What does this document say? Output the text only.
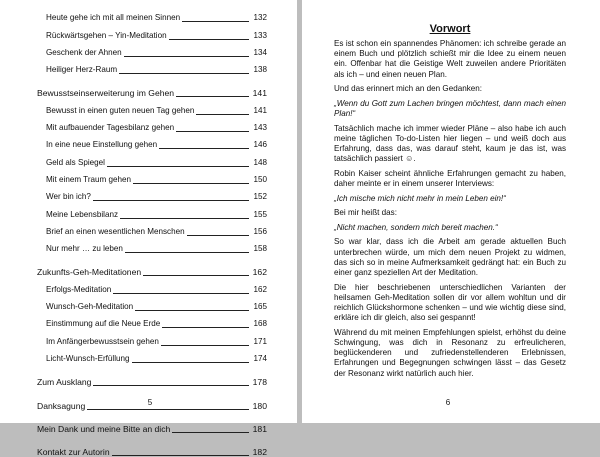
Heute gehe ich mit all meinen Sinnen	132
Rückwärtsgehen – Yin-Meditation	133
Geschenk der Ahnen	134
Heiliger Herz-Raum	138
Bewusstseinserweiterung im Gehen	141
Bewusst in einen guten neuen Tag gehen	141
Mit aufbauender Tagesbilanz gehen	143
In eine neue Einstellung gehen	146
Geld als Spiegel	148
Mit einem Traum gehen	150
Wer bin ich?	152
Meine Lebensbilanz	155
Brief an einen wesentlichen Menschen	156
Nur mehr … zu leben	158
Zukunfts-Geh-Meditationen	162
Erfolgs-Meditation	162
Wunsch-Geh-Meditation	165
Einstimmung auf die Neue Erde	168
Im Anfängerbewusstsein gehen	171
Licht-Wunsch-Erfüllung	174
Zum Ausklang	178
Danksagung	180
Mein Dank und meine Bitte an dich	181
Kontakt zur Autorin	182
5
Vorwort

Es ist schon ein spannendes Phänomen: ich schreibe gerade an einem Buch und plötzlich schießt mir die Idee zu einem neuen ein. Offenbar hat die Geistige Welt zuweilen andere Prioritäten als ich – und einen neuen Plan.

Und das erinnert mich an den Gedanken:

„Wenn du Gott zum Lachen bringen möchtest, dann mach einen Plan!“

Tatsächlich mache ich immer wieder Pläne – also habe ich auch meine täglichen To-do-Listen hier liegen – und weiß doch aus Erfahrung, dass das, was darauf steht, kaum je das ist, was tatsächlich passiert ☺.

Robin Kaiser scheint ähnliche Erfahrungen gemacht zu haben, daher meinte er in einem unserer Interviews:

„Ich mische mich nicht mehr in mein Leben ein!“

Bei mir heißt das:

„Nicht machen, sondern mich bereit machen.“

So war klar, dass ich die Arbeit am gerade aktuellen Buch unterbrechen würde, um mich dem neuen Projekt zu widmen, das sich so in meine Aufmerksamkeit gedrängt hat: ein Buch zu einer ganz speziellen Art der Meditation.

Die hier beschriebenen unterschiedlichen Varianten der heilsamen Geh-Meditation sollen dir vor allem wohltun und dir reichlich Glückshormone schenken – und wie wichtig diese sind, erkläre ich dir gleich, also sei gespannt!

Während du mit meinen Empfehlungen spielst, erhöhst du deine Schwingung, was dich in Resonanz zu erfreulicheren, beglückenderen und zufriedenstellenderen Erlebnissen, Erfahrungen und Begegnungen schwingen lässt – das Gesetz der Resonanz wirkt natürlich auch hier.

6
